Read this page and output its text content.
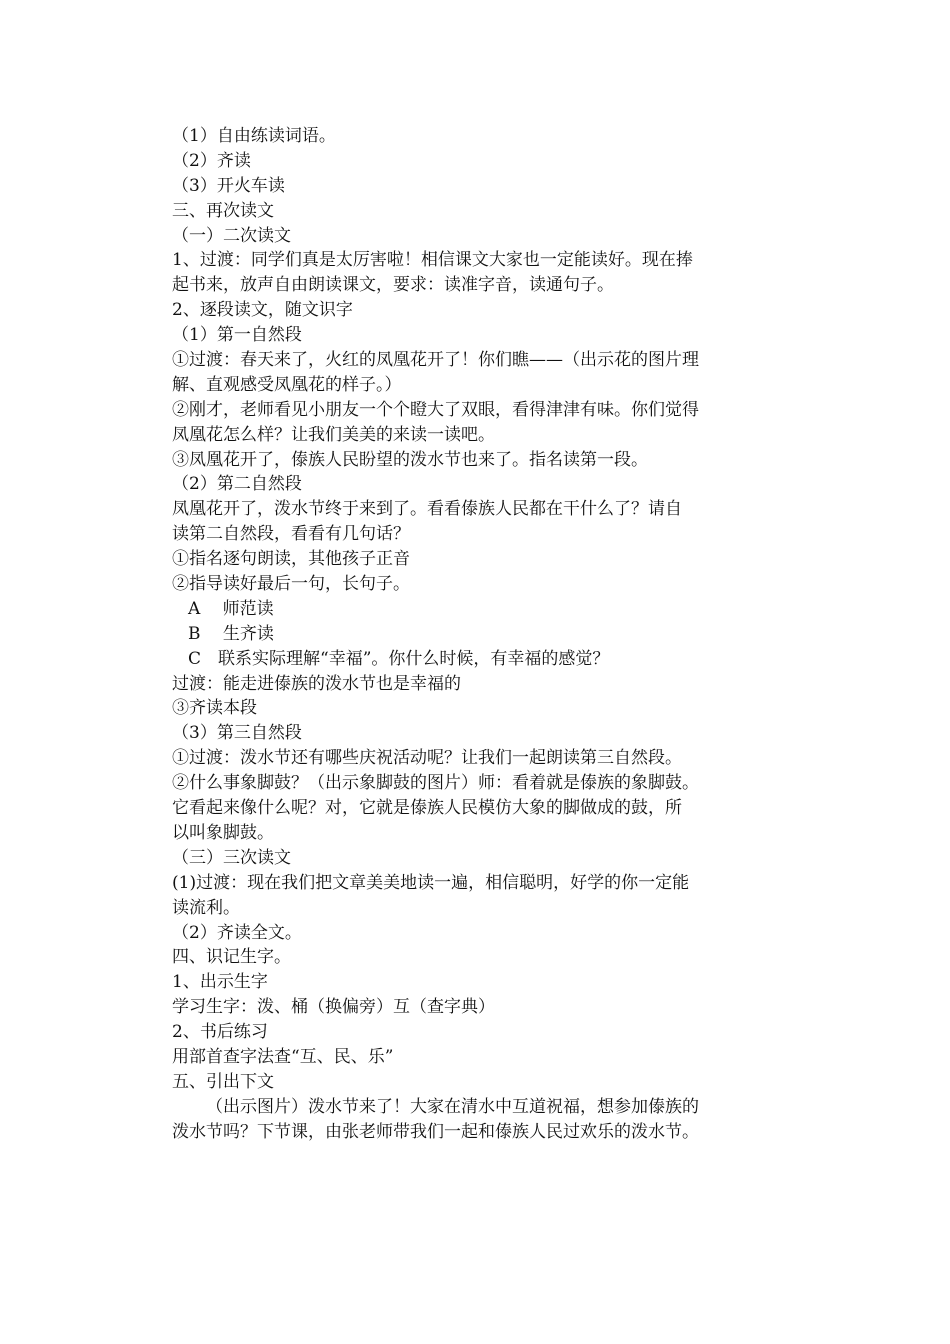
（1）自由练读词语。
（2）齐读
（3）开火车读
三、再次读文
（一）二次读文
1、过渡：同学们真是太厉害啦！相信课文大家也一定能读好。现在捧
起书来，放声自由朗读课文，要求：读准字音，读通句子。
2、逐段读文，随文识字
（1）第一自然段
①过渡：春天来了，火红的凤凰花开了！你们瞧——（出示花的图片理
解、直观感受凤凰花的样子。）
②刚才，老师看见小朋友一个个瞪大了双眼，看得津津有味。你们觉得
凤凰花怎么样？让我们美美的来读一读吧。
③凤凰花开了，傣族人民盼望的泼水节也来了。指名读第一段。
（2）第二自然段
凤凰花开了，泼水节终于来到了。看看傣族人民都在干什么了？请自
读第二自然段，看看有几句话？
①指名逐句朗读，其他孩子正音
②指导读好最后一句，长句子。
A　 师范读
B　 生齐读
C　联系实际理解“幸福”。你什么时候，有幸福的感觉？
过渡：能走进傣族的泼水节也是幸福的
③齐读本段
（3）第三自然段
①过渡：泼水节还有哪些庆祝活动呢？让我们一起朗读第三自然段。
②什么事象脚鼓？（出示象脚鼓的图片）师：看着就是傣族的象脚鼓。
它看起来像什么呢？对，它就是傣族人民模仿大象的脚做成的鼓，所
以叫象脚鼓。
（三）三次读文
(1)过渡：现在我们把文章美美地读一遍，相信聪明，好学的你一定能
读流利。
（2）齐读全文。
四、识记生字。
1、出示生字
学习生字：泼、桶（换偏旁）互（查字典）
2、书后练习
用部首查字法查“互、民、乐”
五、引出下文
（出示图片）泼水节来了！大家在清水中互道祝福，想参加傣族的
泼水节吗？下节课，由张老师带我们一起和傣族人民过欢乐的泼水节。
